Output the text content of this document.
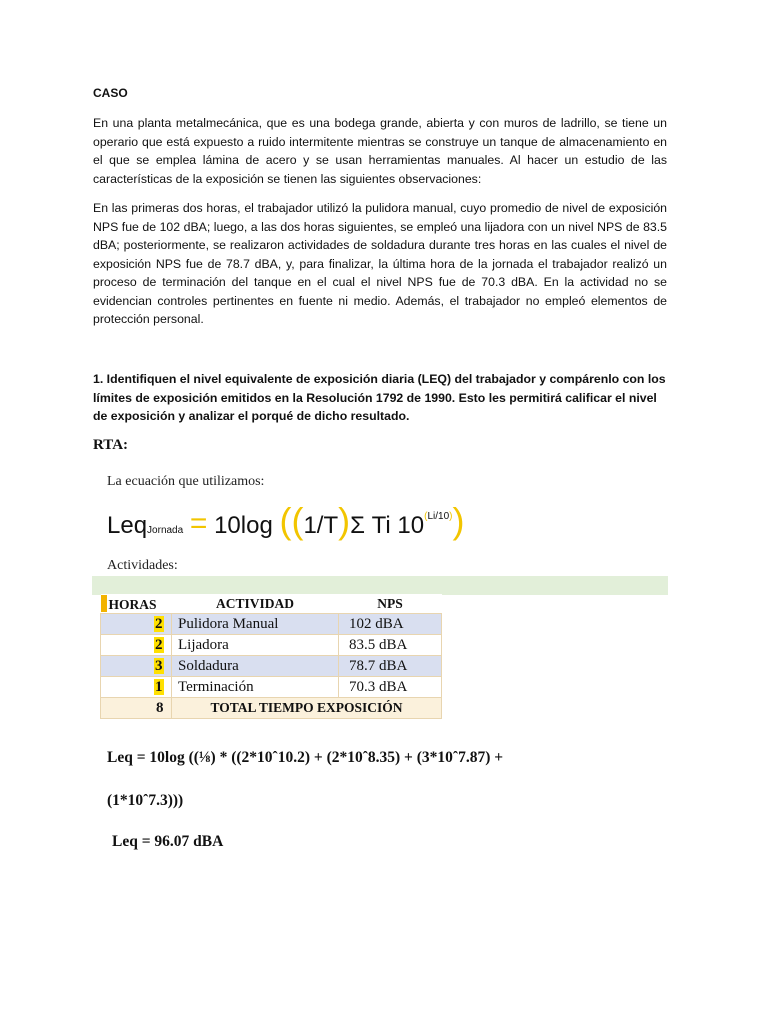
CASO
En una planta metalmecánica, que es una bodega grande, abierta y con muros de ladrillo, se tiene un operario que está expuesto a ruido intermitente mientras se construye un tanque de almacenamiento en el que se emplea lámina de acero y se usan herramientas manuales. Al hacer un estudio de las características de la exposición se tienen las siguientes observaciones:
En las primeras dos horas, el trabajador utilizó la pulidora manual, cuyo promedio de nivel de exposición NPS fue de 102 dBA; luego, a las dos horas siguientes, se empleó una lijadora con un nivel NPS de 83.5 dBA; posteriormente, se realizaron actividades de soldadura durante tres horas en las cuales el nivel de exposición NPS fue de 78.7 dBA, y, para finalizar, la última hora de la jornada el trabajador realizó un proceso de terminación del tanque en el cual el nivel NPS fue de 70.3 dBA. En la actividad no se evidencian controles pertinentes en fuente ni medio. Además, el trabajador no empleó elementos de protección personal.
1. Identifiquen el nivel equivalente de exposición diaria (LEQ) del trabajador y compárenlo con los límites de exposición emitidos en la Resolución 1792 de 1990. Esto les permitirá calificar el nivel de exposición y analizar el porqué de dicho resultado.
RTA:
La ecuación que utilizamos:
LeqJornada = 10log ((1/T)Σ Ti $10^{(Li/10)}$)
Actividades:
HORAS	ACTIVIDAD	NPS
2	Pulidora Manual	102 dBA
2	Lijadora	83.5 dBA
3	Soldadura	78.7 dBA
1	Terminación	70.3 dBA
8	TOTAL TIEMPO EXPOSICIÓN	
Leq = 10log ((⅛) * ((2*10ˆ10.2) + (2*10ˆ8.35) + (3*10ˆ7.87) +
(1*10ˆ7.3)))
Leq = 96.07 dBA
